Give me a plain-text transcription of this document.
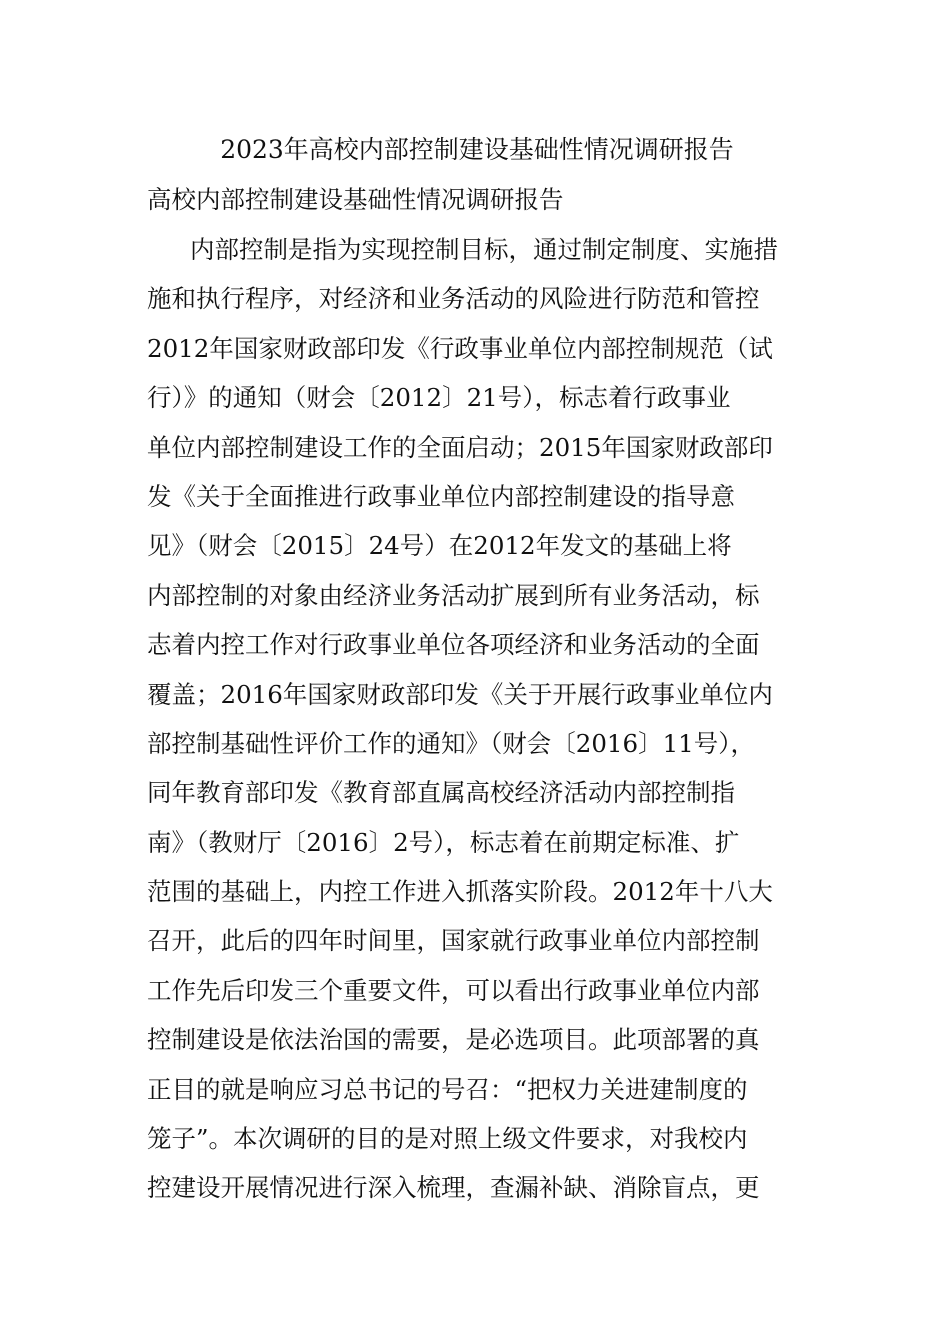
2023年高校内部控制建设基础性情况调研报告
高校内部控制建设基础性情况调研报告
内部控制是指为实现控制目标，通过制定制度、实施措
施和执行程序，对经济和业务活动的风险进行防范和管控
2012年国家财政部印发《行政事业单位内部控制规范（试
行）》的通知（财会〔2012〕21号），标志着行政事业
单位内部控制建设工作的全面启动；2015年国家财政部印
发《关于全面推进行政事业单位内部控制建设的指导意
见》（财会〔2015〕24号）在2012年发文的基础上将
内部控制的对象由经济业务活动扩展到所有业务活动，标
志着内控工作对行政事业单位各项经济和业务活动的全面
覆盖；2016年国家财政部印发《关于开展行政事业单位内
部控制基础性评价工作的通知》（财会〔2016〕11号），
同年教育部印发《教育部直属高校经济活动内部控制指
南》（教财厅〔2016〕2号），标志着在前期定标准、扩
范围的基础上，内控工作进入抓落实阶段。2012年十八大
召开，此后的四年时间里，国家就行政事业单位内部控制
工作先后印发三个重要文件，可以看出行政事业单位内部
控制建设是依法治国的需要，是必选项目。此项部署的真
正目的就是响应习总书记的号召：“把权力关进建制度的
笼子”。本次调研的目的是对照上级文件要求，对我校内
控建设开展情况进行深入梳理，查漏补缺、消除盲点，更
